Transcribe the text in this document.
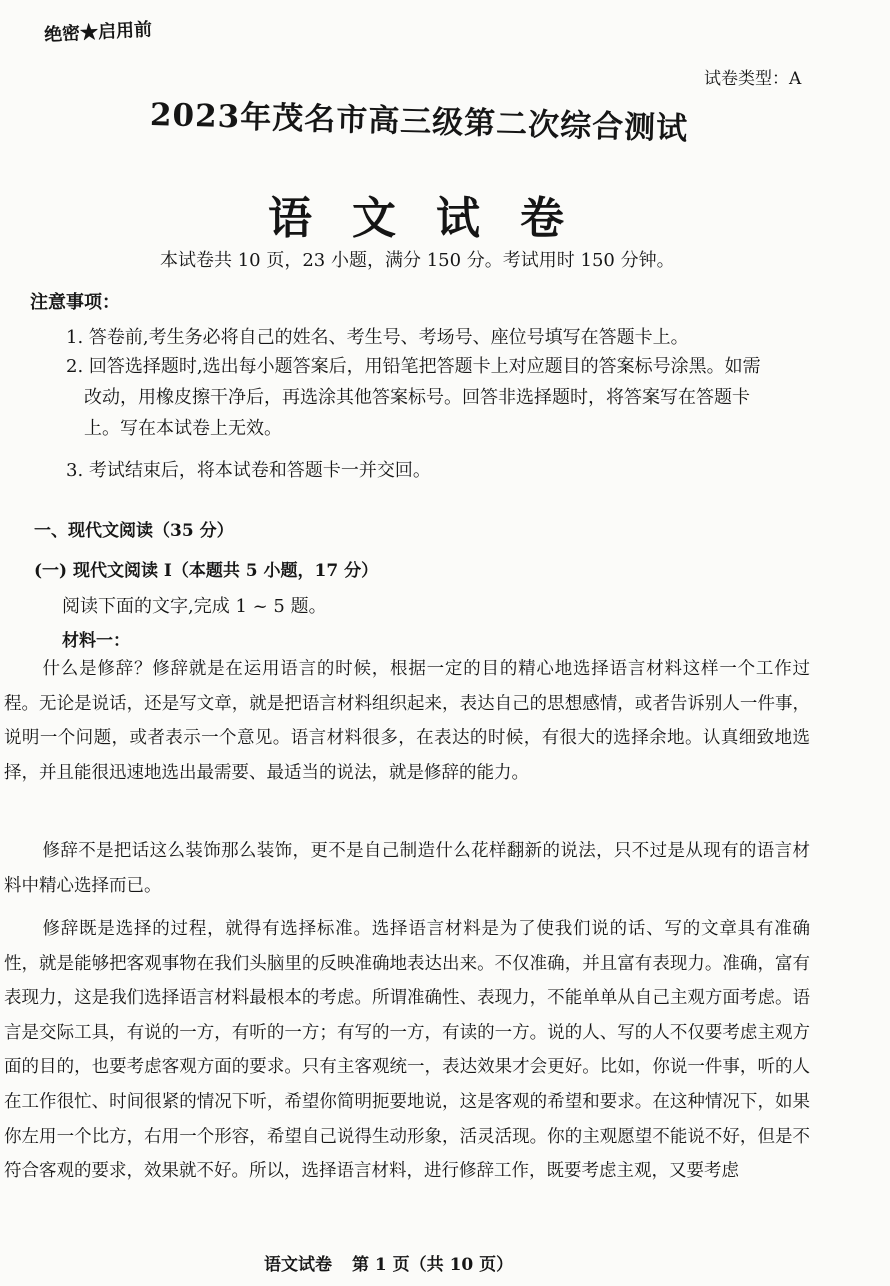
绝密★启用前
试卷类型：A
2023年茂名市高三级第二次综合测试
语文试卷
本试卷共 10 页，23 小题，满分 150 分。考试用时 150 分钟。
注意事项：
1. 答卷前,考生务必将自己的姓名、考生号、考场号、座位号填写在答题卡上。
2. 回答选择题时,选出每小题答案后，用铅笔把答题卡上对应题目的答案标号涂黑。如需
改动，用橡皮擦干净后，再选涂其他答案标号。回答非选择题时，将答案写在答题卡
上。写在本试卷上无效。
3. 考试结束后，将本试卷和答题卡一并交回。
一、现代文阅读（35 分）
(一) 现代文阅读 I（本题共 5 小题，17 分）
阅读下面的文字,完成 1 ~ 5 题。
材料一：

什么是修辞？修辞就是在运用语言的时候，根据一定的目的精心地选择语言材料这样一个工作过程。无论是说话，还是写文章，就是把语言材料组织起来，表达自己的思想感情，或者告诉别人一件事，说明一个问题，或者表示一个意见。语言材料很多，在表达的时候，有很大的选择余地。认真细致地选择，并且能很迅速地选出最需要、最适当的说法，就是修辞的能力。

修辞不是把话这么装饰那么装饰，更不是自己制造什么花样翻新的说法，只不过是从现有的语言材料中精心选择而已。

修辞既是选择的过程，就得有选择标准。选择语言材料是为了使我们说的话、写的文章具有准确性，就是能够把客观事物在我们头脑里的反映准确地表达出来。不仅准确，并且富有表现力。准确，富有表现力，这是我们选择语言材料最根本的考虑。所谓准确性、表现力，不能单单从自己主观方面考虑。语言是交际工具，有说的一方，有听的一方；有写的一方，有读的一方。说的人、写的人不仅要考虑主观方面的目的，也要考虑客观方面的要求。只有主客观统一，表达效果才会更好。比如，你说一件事，听的人在工作很忙、时间很紧的情况下听，希望你简明扼要地说，这是客观的希望和要求。在这种情况下，如果你左用一个比方，右用一个形容，希望自己说得生动形象，活灵活现。你的主观愿望不能说不好，但是不符合客观的要求，效果就不好。所以，选择语言材料，进行修辞工作，既要考虑主观，又要考虑

语文试卷 第 1 页（共 10 页）
